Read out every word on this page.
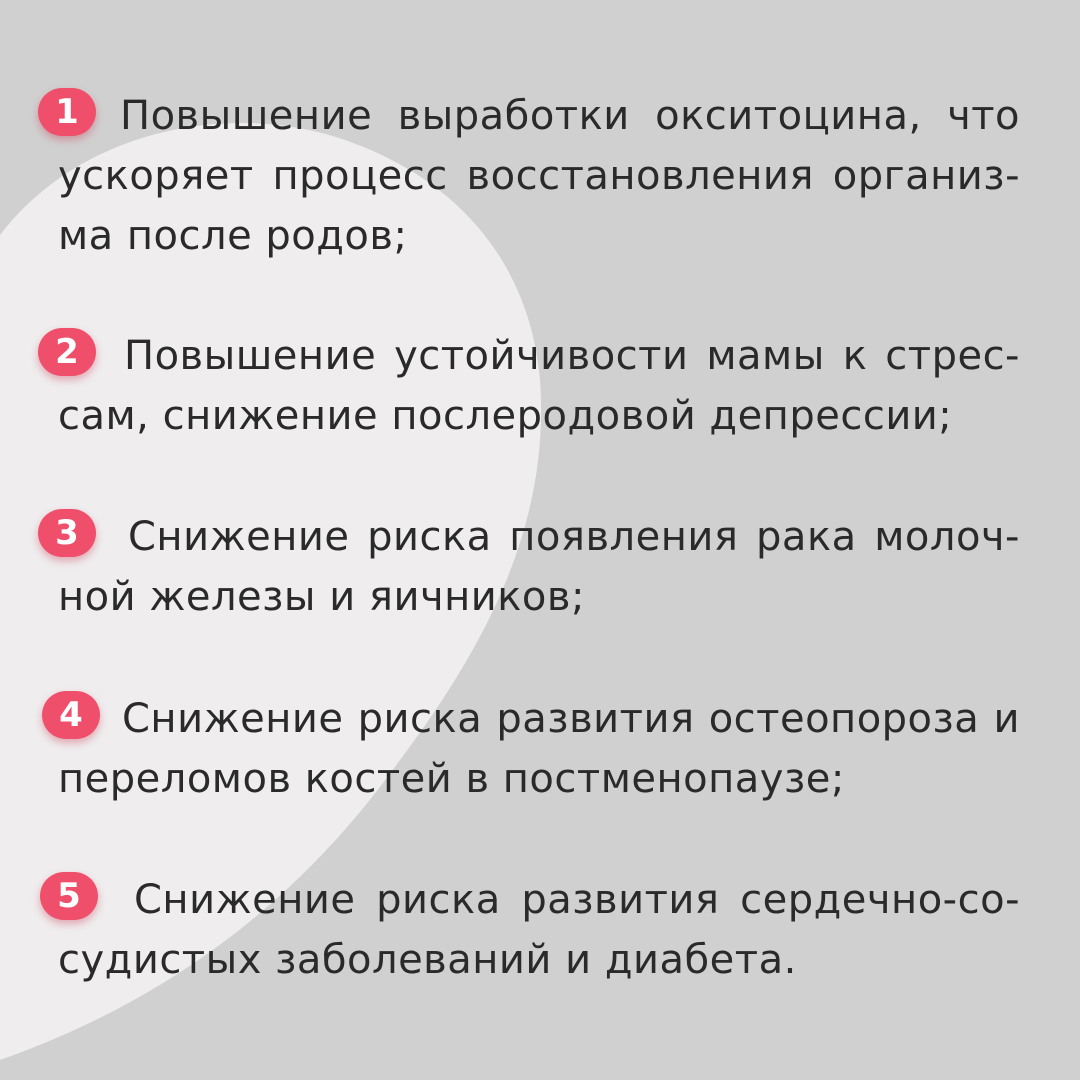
1	Повышение выработки окситоцина, что
ускоряет процесс восстановления организ-
ма после родов;
2	Повышение устойчивости мамы к стрес-
сам, снижение послеродовой депрессии;
3	Снижение риска появления рака молоч-
ной железы и яичников;
4 Снижение риска развития остеопороза и
переломов костей в постменопаузе;
5	Снижение риска развития сердечно-со-
судистых заболеваний и диабета.
